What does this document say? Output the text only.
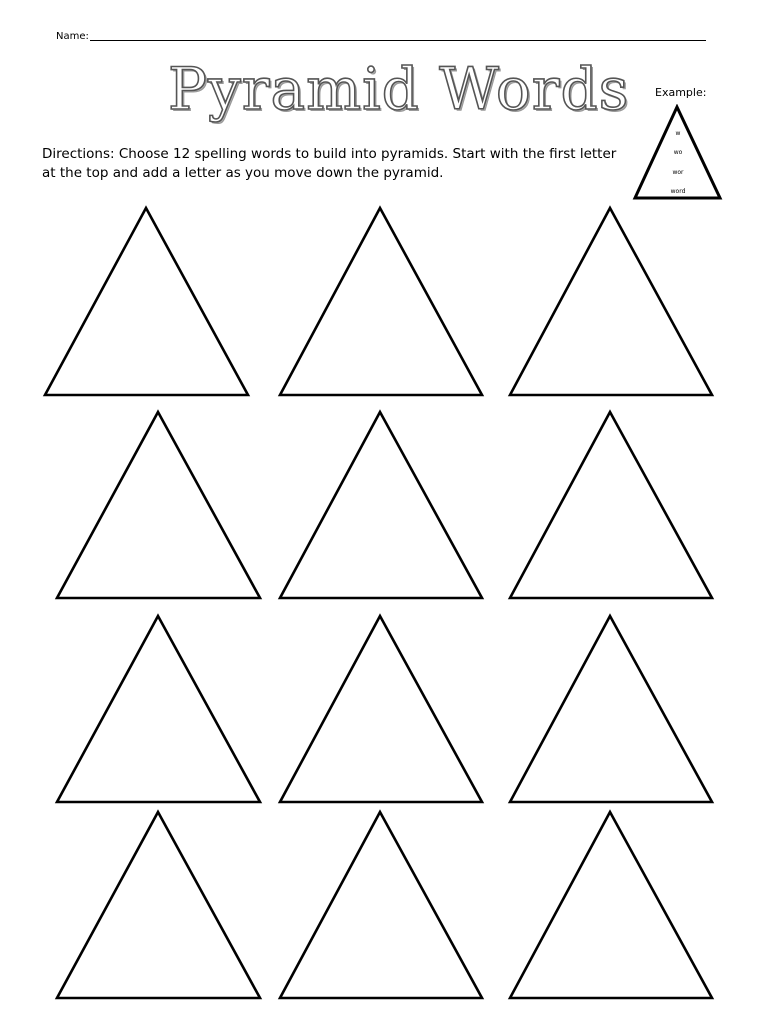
Name:
Pyramid Words Example:
w
wo
wor
word
Directions: Choose 12 spelling words to build into pyramids. Start with the first letter at the top and add a letter as you move down the pyramid.
